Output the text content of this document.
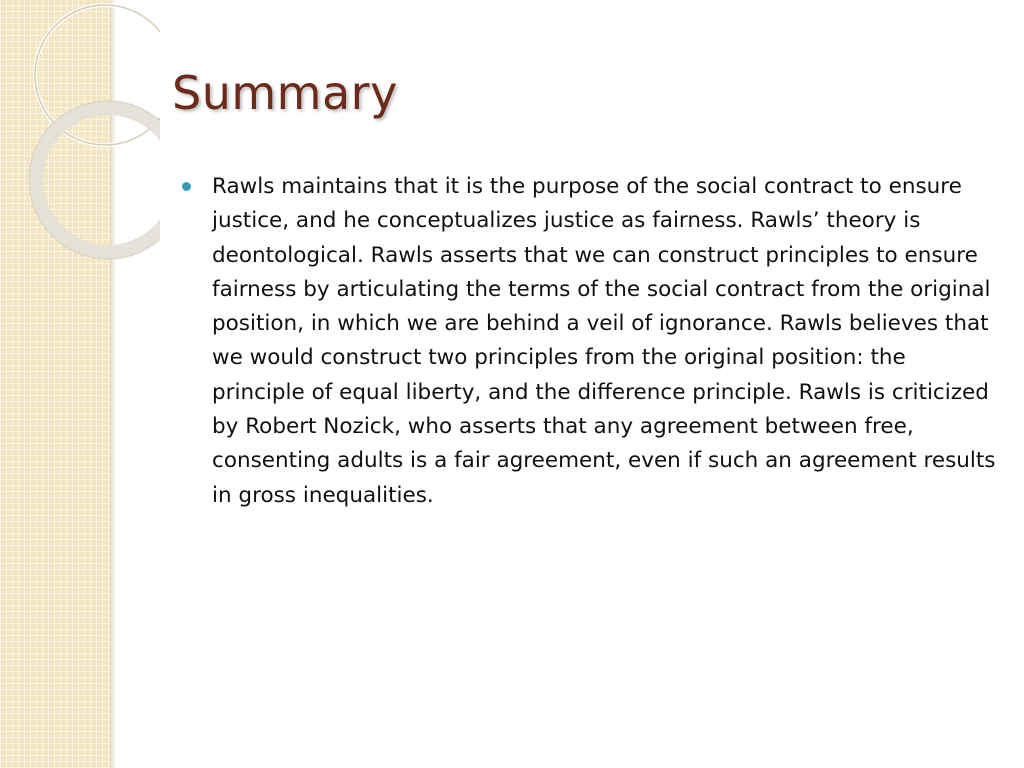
Summary
Rawls maintains that it is the purpose of the social contract to ensure justice, and he conceptualizes justice as fairness. Rawls’ theory is deontological. Rawls asserts that we can construct principles to ensure fairness by articulating the terms of the social contract from the original position, in which we are behind a veil of ignorance. Rawls believes that we would construct two principles from the original position: the principle of equal liberty, and the difference principle. Rawls is criticized by Robert Nozick, who asserts that any agreement between free, consenting adults is a fair agreement, even if such an agreement results in gross inequalities.
